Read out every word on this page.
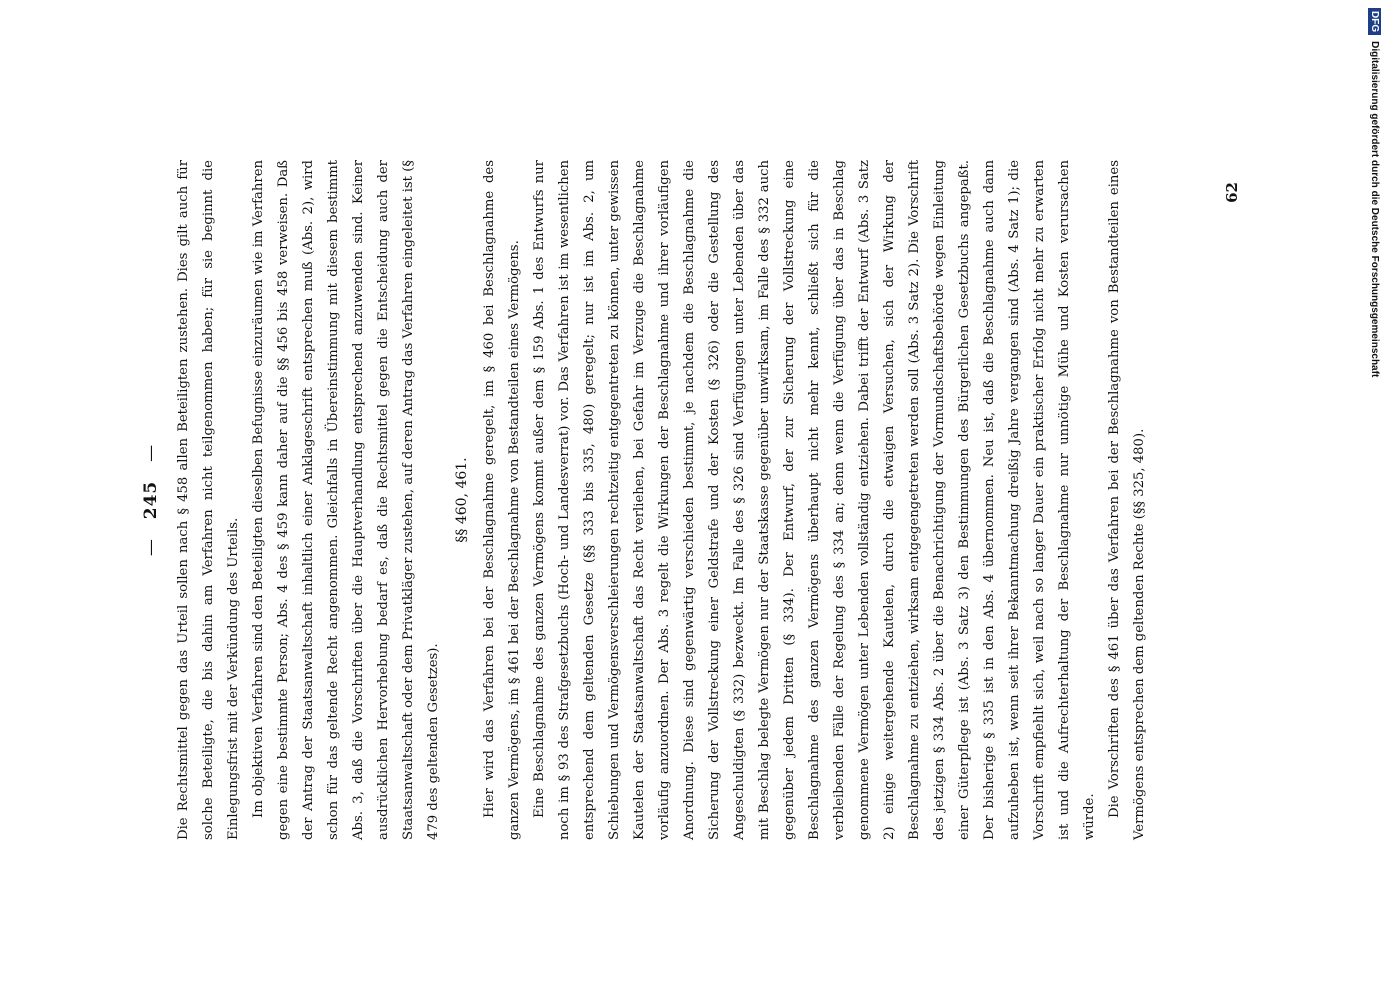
— 245 —	Die Rechtsmittel gegen das Urteil sollen nach § 458 allen Beteiligten zustehen. Dies gilt auch für solche Beteiligte, die bis dahin am Verfahren nicht teilgenommen haben; für sie beginnt die Einlegungsfrist mit der Verkündung des Urteils. Im objektiven Verfahren sind den Beteiligten dieselben Befugnisse einzuräumen wie im Verfahren gegen eine bestimmte Person; Abs. 4 des § 459 kann daher auf die §§ 456 bis 458 verweisen. Daß der Antrag der Staatsanwaltschaft inhaltlich einer Anklageschrift entsprechen muß (Abs. 2), wird schon für das geltende Recht angenommen. Gleichfalls in Übereinstimmung mit diesem bestimmt Abs. 3, daß die Vorschriften über die Hauptverhandlung entsprechend anzuwenden sind. Keiner ausdrücklichen Hervorhebung bedarf es, daß die Rechtsmittel gegen die Entscheidung auch der Staatsanwaltschaft oder dem Privatkläger zustehen, auf deren Antrag das Verfahren eingeleitet ist (§ 479 des geltenden Gesetzes).

§§ 460, 461. Hier wird das Verfahren bei der Beschlagnahme geregelt, im § 460 bei Beschlagnahme des ganzen Vermögens, im § 461 bei der Beschlagnahme von Bestandteilen eines Vermögens. Eine Beschlagnahme des ganzen Vermögens kommt außer dem § 159 Abs. 1 des Entwurfs nur noch im § 93 des Strafgesetzbuchs (Hoch- und Landesverrat) vor. Das Verfahren ist im wesentlichen entsprechend dem geltenden Gesetze (§§ 333 bis 335, 480) geregelt; nur ist im Abs. 2, um Schiebungen und Vermögensverschleierungen rechtzeitig entgegentreten zu können, unter gewissen Kautelen der Staatsanwaltschaft das Recht verliehen, bei Gefahr im Verzuge die Beschlagnahme vorläufig anzuordnen. Der Abs. 3 regelt die Wirkungen der Beschlagnahme und ihrer vorläufigen Anordnung. Diese sind gegenwärtig verschieden bestimmt, je nachdem die Beschlagnahme die Sicherung der Vollstreckung einer Geldstrafe und der Kosten (§ 326) oder die Gestellung des Angeschuldigten (§ 332) bezweckt. Im Falle des § 326 sind Verfügungen unter Lebenden über das mit Beschlag belegte Vermögen nur der Staatskasse gegenüber unwirksam, im Falle des § 332 auch gegenüber jedem Dritten (§ 334). Der Entwurf, der zur Sicherung der Vollstreckung eine Beschlagnahme des ganzen Vermögens überhaupt nicht mehr kennt, schließt sich für die verbleibenden Fälle der Regelung des § 334 an; denn wenn die Verfügung über das in Beschlag genommene Vermögen unter Lebenden vollständig entziehen. Dabei trifft der Entwurf (Abs. 3 Satz 2) einige weitergehende Kautelen, durch die etwaigen Versuchen, sich der Wirkung der Beschlagnahme zu entziehen, wirksam entgegengetreten werden soll (Abs. 3 Satz 2). Die Vorschrift des jetzigen § 334 Abs. 2 über die Benachrichtigung der Vormundschaftsbehörde wegen Einleitung einer Güterpflege ist (Abs. 3 Satz 3) den Bestimmungen des Bürgerlichen Gesetzbuchs angepaßt. Der bisherige § 335 ist in den Abs. 4 übernommen. Neu ist, daß die Beschlagnahme auch dann aufzuheben ist, wenn seit ihrer Bekanntmachung dreißig Jahre vergangen sind (Abs. 4 Satz 1); die Vorschrift empfiehlt sich, weil nach so langer Dauer ein praktischer Erfolg nicht mehr zu erwarten ist und die Aufrechterhaltung der Beschlagnahme nur unnötige Mühe und Kosten verursachen würde. Die Vorschriften des § 461 über das Verfahren bei der Beschlagnahme von Bestandteilen eines Vermögens entsprechen dem geltenden Rechte (§§ 325, 480).

62
DFG
Digitalisierung gefördert durch die Deutsche Forschungsgemeinschaft
